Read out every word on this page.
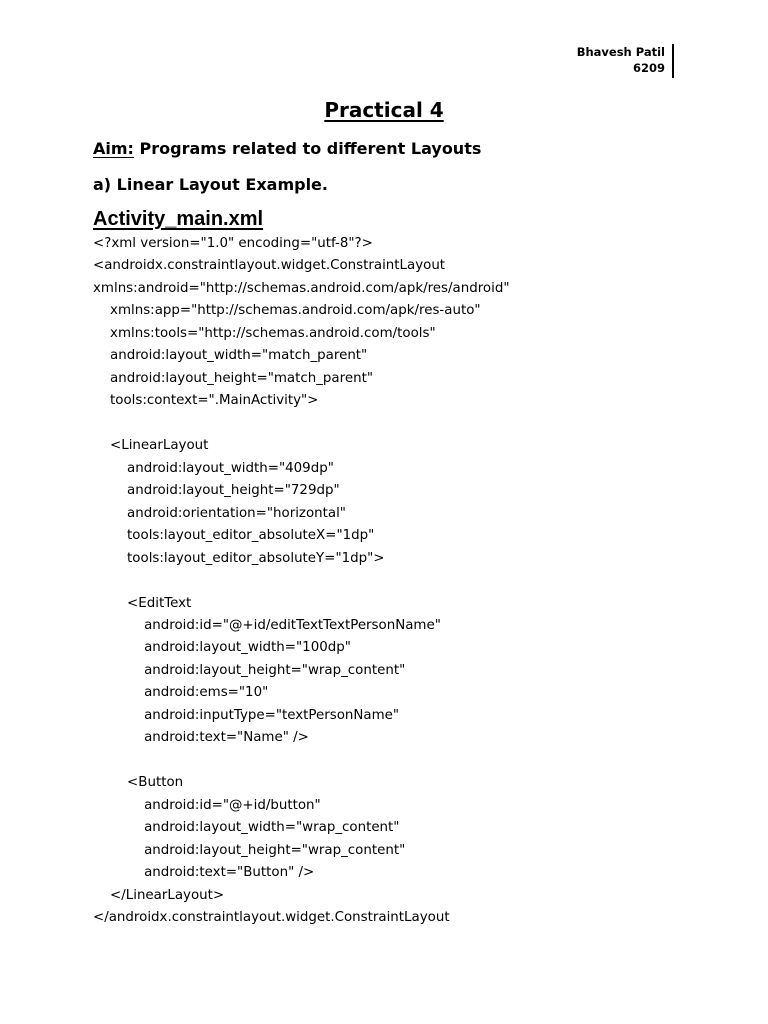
Bhavesh Patil
6209
Practical 4
Aim: Programs related to different Layouts
a) Linear Layout Example.
Activity_main.xml
<?xml version="1.0" encoding="utf-8"?>
<androidx.constraintlayout.widget.ConstraintLayout
xmlns:android="http://schemas.android.com/apk/res/android"
xmlns:app="http://schemas.android.com/apk/res-auto"
xmlns:tools="http://schemas.android.com/tools"
android:layout_width="match_parent"
android:layout_height="match_parent"
tools:context=".MainActivity">

<LinearLayout
android:layout_width="409dp"
android:layout_height="729dp"
android:orientation="horizontal"
tools:layout_editor_absoluteX="1dp"
tools:layout_editor_absoluteY="1dp">

<EditText
android:id="@+id/editTextTextPersonName"
android:layout_width="100dp"
android:layout_height="wrap_content"
android:ems="10"
android:inputType="textPersonName"
android:text="Name" />

<Button
android:id="@+id/button"
android:layout_width="wrap_content"
android:layout_height="wrap_content"
android:text="Button" />
</LinearLayout>
</androidx.constraintlayout.widget.ConstraintLayout
